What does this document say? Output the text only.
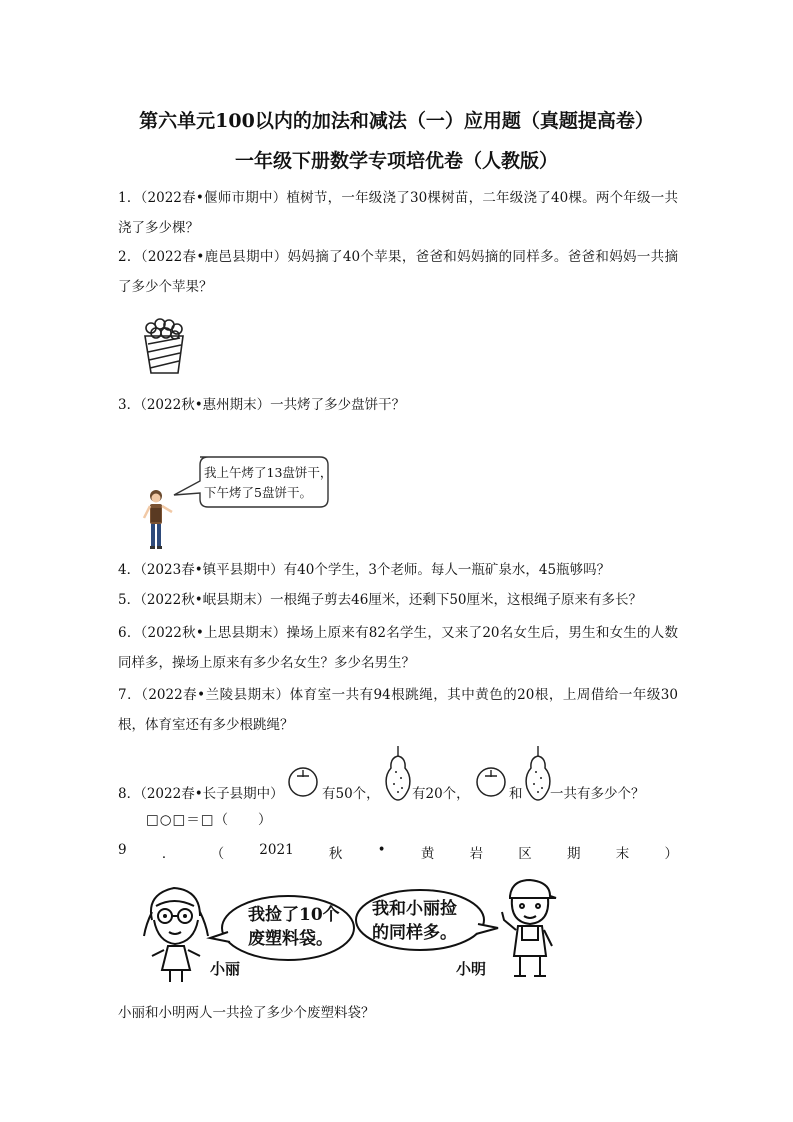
第六单元100以内的加法和减法（一）应用题（真题提高卷）
一年级下册数学专项培优卷（人教版）
1．（2022春•偃师市期中）植树节，一年级浇了30棵树苗，二年级浇了40棵。两个年级一共浇了多少棵？
2．（2022春•鹿邑县期中）妈妈摘了40个苹果，爸爸和妈妈摘的同样多。爸爸和妈妈一共摘了多少个苹果？
3．（2022秋•惠州期末）一共烤了多少盘饼干？
我上午烤了13盘饼干，
下午烤了5盘饼干。
4．（2023春•镇平县期中）有40个学生，3个老师。每人一瓶矿泉水，45瓶够吗？
5．（2022秋•岷县期末）一根绳子剪去46厘米，还剩下50厘米，这根绳子原来有多长？
6．（2022秋•上思县期末）操场上原来有82名学生，又来了20名女生后，男生和女生的人数同样多，操场上原来有多少名女生？多少名男生？
7．（2022春•兰陵县期末）体育室一共有94根跳绳，其中黄色的20根，上周借给一年级30根，体育室还有多少根跳绳？
8．（2022春•长子县期中）	有50个， 有20个，	和 一共有多少个？
□○□＝□（　　）
9	．	（	2021	秋	•	黄	岩	区	期	末	）
我捡了10个
废塑料袋。
我和小丽捡
的同样多。
小丽	小明
小丽和小明两人一共捡了多少个废塑料袋？
